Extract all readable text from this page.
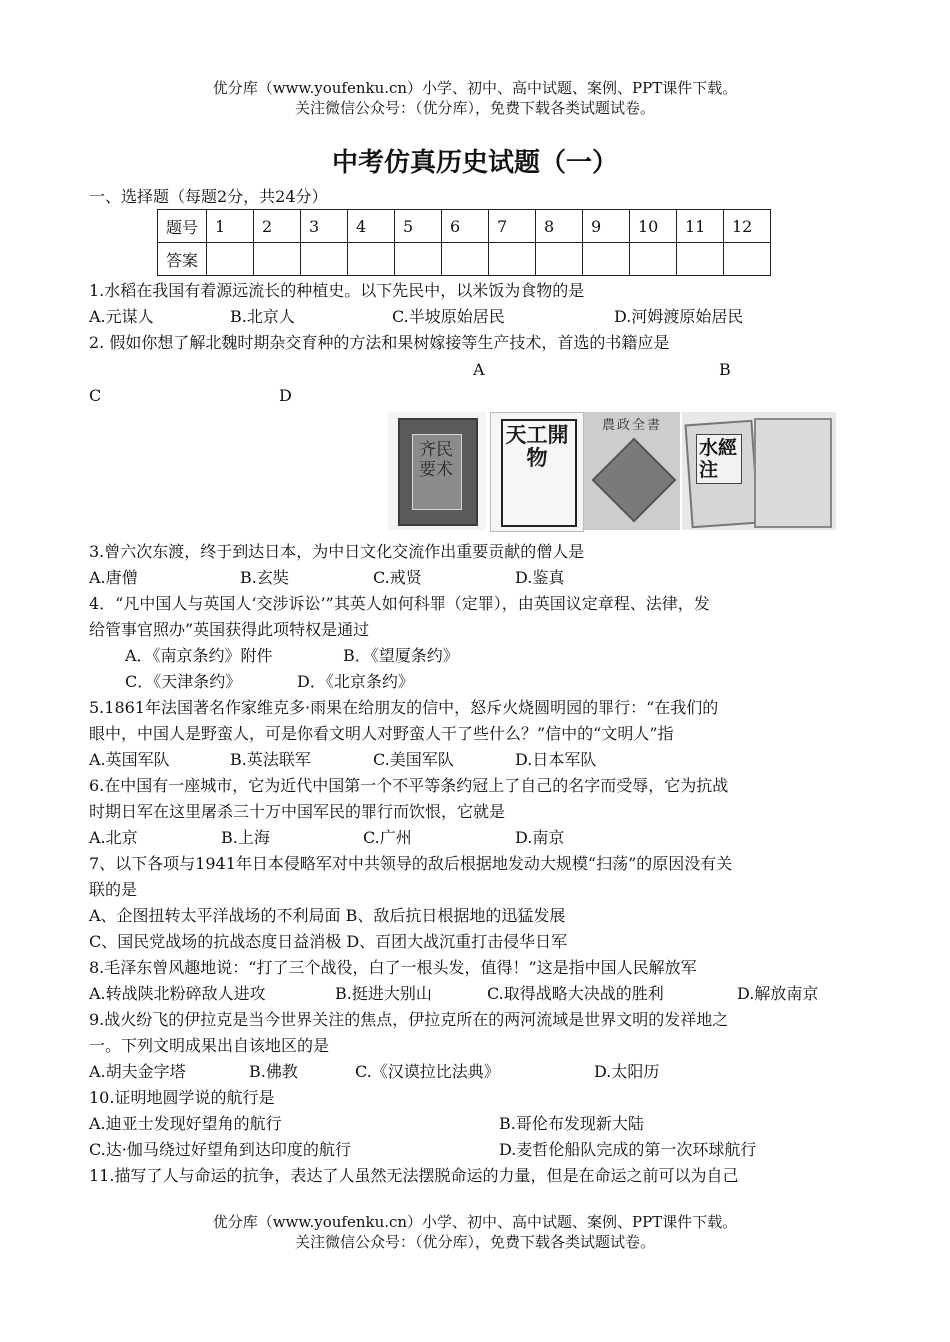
优分库（www.youfenku.cn）小学、初中、高中试题、案例、PPT课件下载。
关注微信公众号：（优分库），免费下载各类试题试卷。
中考仿真历史试题（一）
一、选择题（每题2分，共24分）
题号	1	2	3	4	5	6	7	8	9	10	11	12
答案												
1.水稻在我国有着源远流长的种植史。以下先民中，以米饭为食物的是
A.元谋人	B.北京人	C.半坡原始居民	D.河姆渡原始居民
2. 假如你想了解北魏时期杂交育种的方法和果树嫁接等生产技术，首选的书籍应是
A	B
C	D
齐民要术
天工開物
農政全書
水經注
3.曾六次东渡，终于到达日本，为中日文化交流作出重要贡献的僧人是
A.唐僧	B.玄奘	C.戒贤	D.鉴真
4．“凡中国人与英国人‘交涉诉讼’”其英人如何科罪（定罪），由英国议定章程、法律，发
给管事官照办”英国获得此项特权是通过
A．《南京条约》附件	B．《望厦条约》
C．《天津条约》	D．《北京条约》
5.1861年法国著名作家维克多·雨果在给朋友的信中，怒斥火烧圆明园的罪行：“在我们的
眼中，中国人是野蛮人，可是你看文明人对野蛮人干了些什么？”信中的“文明人”指
A.英国军队	B.英法联军	C.美国军队	D.日本军队
6.在中国有一座城市，它为近代中国第一个不平等条约冠上了自己的名字而受辱，它为抗战
时期日军在这里屠杀三十万中国军民的罪行而饮恨，它就是
A.北京	B.上海	C.广州	D.南京
7、以下各项与1941年日本侵略军对中共领导的敌后根据地发动大规模“扫荡”的原因没有关
联的是
A、企图扭转太平洋战场的不利局面 B、敌后抗日根据地的迅猛发展
C、国民党战场的抗战态度日益消极 D、百团大战沉重打击侵华日军
8.毛泽东曾风趣地说：“打了三个战役，白了一根头发，值得！”这是指中国人民解放军
A.转战陕北粉碎敌人进攻	B.挺进大别山	C.取得战略大决战的胜利	D.解放南京
9.战火纷飞的伊拉克是当今世界关注的焦点，伊拉克所在的两河流域是世界文明的发祥地之
一。下列文明成果出自该地区的是
A.胡夫金字塔	B.佛教	C.《汉谟拉比法典》	D.太阳历
10.证明地圆学说的航行是
A.迪亚士发现好望角的航行	B.哥伦布发现新大陆
C.达·伽马绕过好望角到达印度的航行	D.麦哲伦船队完成的第一次环球航行
11.描写了人与命运的抗争，表达了人虽然无法摆脱命运的力量，但是在命运之前可以为自己
优分库（www.youfenku.cn）小学、初中、高中试题、案例、PPT课件下载。
关注微信公众号：（优分库），免费下载各类试题试卷。
